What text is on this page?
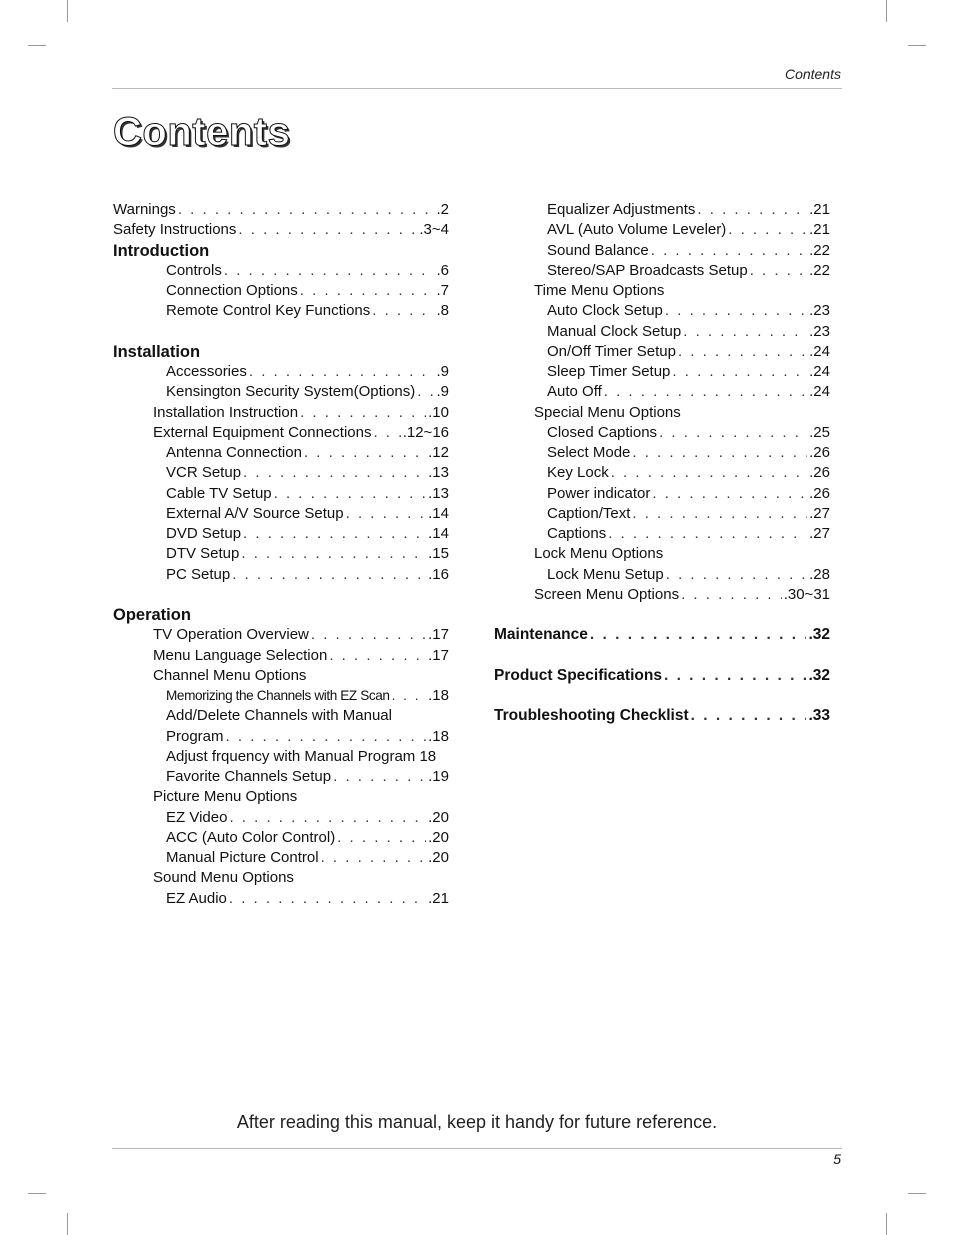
Contents
Contents
Warnings . . .	.2
Safety Instructions . . .	.3~4
Introduction
Controls . . .	.6
Connection Options . . .	.7
Remote Control Key Functions . . .	.8
Installation
Accessories . . .	.9
Kensington Security System(Options) . . . .9
Installation Instruction . . .	.10
External Equipment Connections . . . .12~16
Antenna Connection . . .	.12
VCR Setup . . .	.13
Cable TV Setup . . .	.13
External A/V Source Setup . . .	.14
DVD Setup . . .	.14
DTV Setup . . .	.15
PC Setup . . .	.16
Operation
TV Operation Overview . . .	.17
Menu Language Selection . . .	.17
Channel Menu Options
Memorizing the Channels with EZ Scan . . .	.18
Add/Delete Channels with Manual
Program . . .	.18
Adjust frquency with Manual Program 18
Favorite Channels Setup . . .	.19
Picture Menu Options
EZ Video . . .	.20
ACC (Auto Color Control) . . .	.20
Manual Picture Control . . .	.20
Sound Menu Options
EZ Audio . . .	.21
Equalizer Adjustments . . .	.21
AVL (Auto Volume Leveler) . . .	.21
Sound Balance . . .	.22
Stereo/SAP Broadcasts Setup . . .	.22
Time Menu Options
Auto Clock Setup . . .	.23
Manual Clock Setup . . .	.23
On/Off Timer Setup . . .	.24
Sleep Timer Setup . . .	.24
Auto Off . . .	.24
Special Menu Options
Closed Captions . . .	.25
Select Mode . . .	.26
Key Lock . . .	.26
Power indicator . . .	.26
Caption/Text . . .	.27
Captions . . .	.27
Lock Menu Options
Lock Menu Setup . . .	.28
Screen Menu Options . . .	.30~31
Maintenance . . .	.32
Product Specifications . . .	.32
Troubleshooting Checklist . . .	.33
After reading this manual, keep it handy for future reference.
5
